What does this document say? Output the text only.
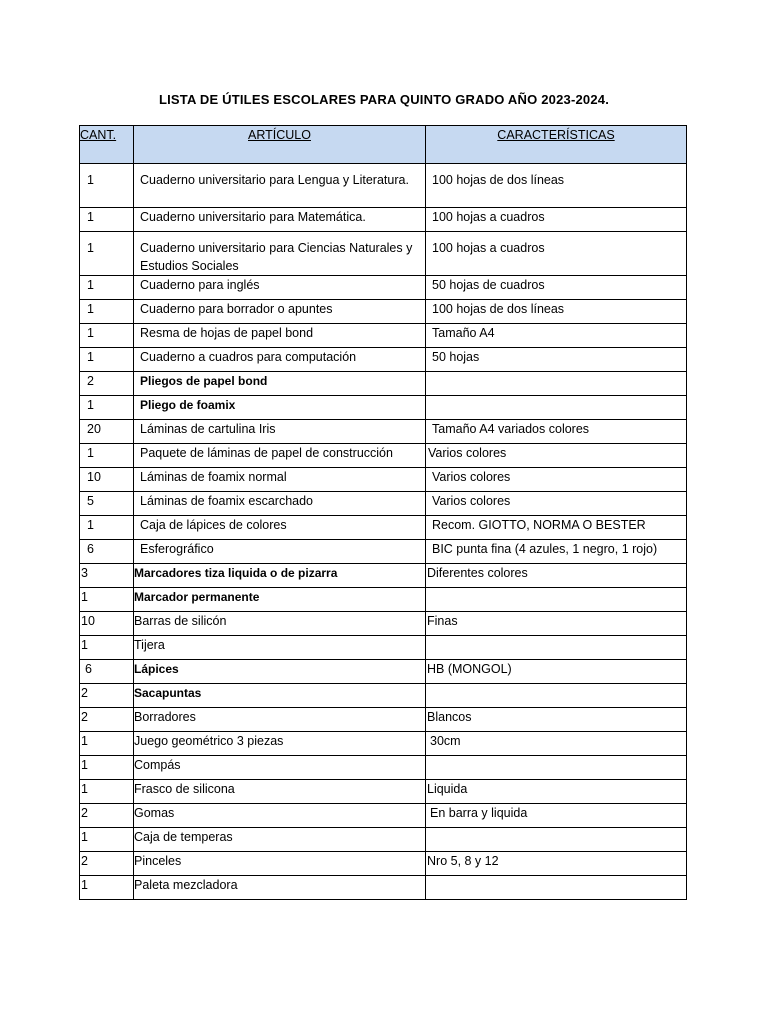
LISTA DE ÚTILES ESCOLARES PARA QUINTO GRADO AÑO 2023-2024.
CANT.	ARTÍCULO	CARACTERÍSTICAS
1	Cuaderno universitario para Lengua y Literatura.	100 hojas de dos líneas
1	Cuaderno universitario para Matemática.	100 hojas a cuadros
1	Cuaderno universitario para Ciencias Naturales y Estudios Sociales	100 hojas a cuadros
1	Cuaderno para inglés	50 hojas de cuadros
1	Cuaderno para borrador o apuntes	100 hojas de dos líneas
1	Resma de hojas de papel bond	Tamaño A4
1	Cuaderno a cuadros para computación	50 hojas
2	Pliegos de papel bond	
1	Pliego de foamix	
20	Láminas de cartulina Iris	Tamaño A4 variados colores
1	Paquete de láminas de papel de construcción	Varios colores
10	Láminas de foamix normal	Varios colores
5	Láminas de foamix escarchado	Varios colores
1	Caja de lápices de colores	Recom. GIOTTO, NORMA O BESTER
6	Esferográfico	BIC punta fina (4 azules, 1 negro, 1 rojo)
3	Marcadores tiza liquida o de pizarra	Diferentes colores
1	Marcador permanente	
10	Barras de silicón	Finas
1	Tijera	
6	Lápices	HB (MONGOL)
2	Sacapuntas	
2	Borradores	Blancos
1	Juego geométrico 3 piezas	30cm
1	Compás	
1	Frasco de silicona	Liquida
2	Gomas	En barra y liquida
1	Caja de temperas	
2	Pinceles	Nro 5, 8 y 12
1	Paleta mezcladora	
